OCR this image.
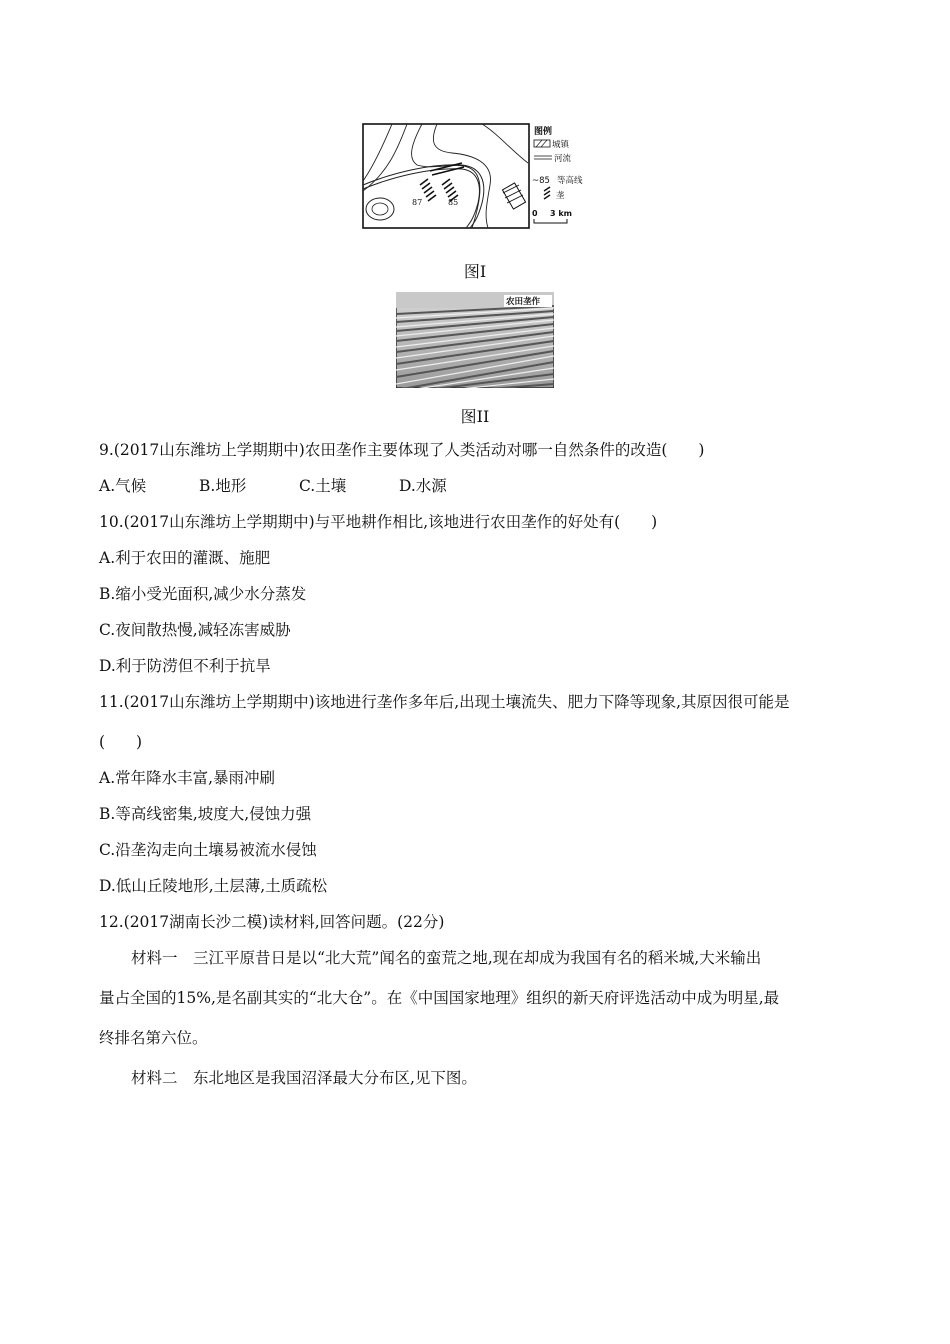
87	85
图例
城镇
河流
~85 等高线
垄
0 3 km
图I
农田垄作
图II
9.(2017山东潍坊上学期期中)农田垄作主要体现了人类活动对哪一自然条件的改造(　　)
A.气候	B.地形	C.土壤	D.水源
10.(2017山东潍坊上学期期中)与平地耕作相比,该地进行农田垄作的好处有(　　)
A.利于农田的灌溉、施肥
B.缩小受光面积,减少水分蒸发
C.夜间散热慢,减轻冻害威胁
D.利于防涝但不利于抗旱
11.(2017山东潍坊上学期期中)该地进行垄作多年后,出现土壤流失、肥力下降等现象,其原因很可能是
(　　)
A.常年降水丰富,暴雨冲刷
B.等高线密集,坡度大,侵蚀力强
C.沿垄沟走向土壤易被流水侵蚀
D.低山丘陵地形,土层薄,土质疏松
12.(2017湖南长沙二模)读材料,回答问题。(22分)
材料一　三江平原昔日是以“北大荒”闻名的蛮荒之地,现在却成为我国有名的稻米城,大米输出
量占全国的15%,是名副其实的“北大仓”。在《中国国家地理》组织的新天府评选活动中成为明星,最
终排名第六位。
材料二　东北地区是我国沼泽最大分布区,见下图。
